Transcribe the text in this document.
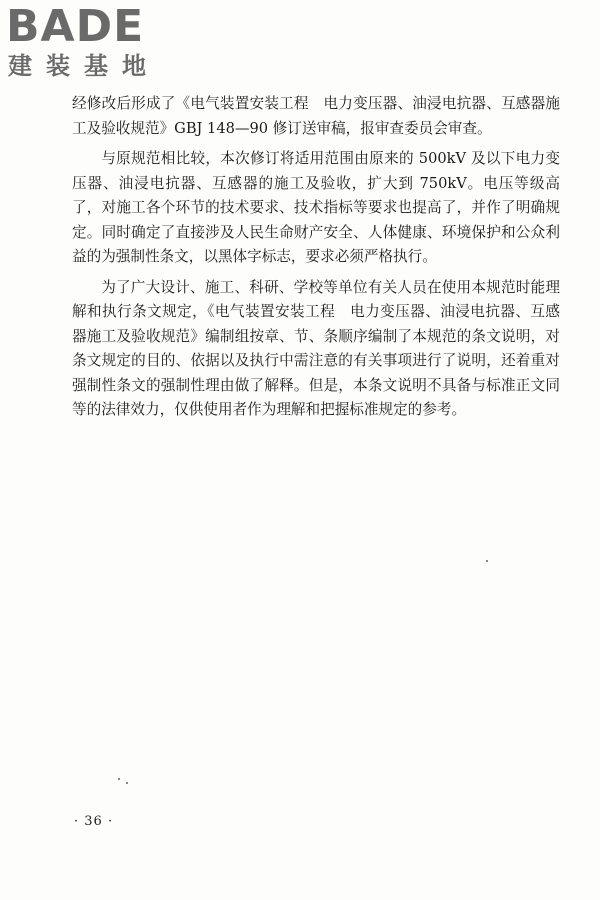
BADE
建装基地

经修改后形成了《电气装置安装工程　电力变压器、油浸电抗器、互感器施工及验收规范》GBJ 148—90 修订送审稿，报审查委员会审查。

与原规范相比较，本次修订将适用范围由原来的 500kV 及以下电力变压器、油浸电抗器、互感器的施工及验收，扩大到 750kV。电压等级高了，对施工各个环节的技术要求、技术指标等要求也提高了，并作了明确规定。同时确定了直接涉及人民生命财产安全、人体健康、环境保护和公众利益的为强制性条文，以黑体字标志，要求必须严格执行。

为了广大设计、施工、科研、学校等单位有关人员在使用本规范时能理解和执行条文规定，《电气装置安装工程　电力变压器、油浸电抗器、互感器施工及验收规范》编制组按章、节、条顺序编制了本规范的条文说明，对条文规定的目的、依据以及执行中需注意的有关事项进行了说明，还着重对强制性条文的强制性理由做了解释。但是，本条文说明不具备与标准正文同等的法律效力，仅供使用者作为理解和把握标准规定的参考。

· 36 ·
